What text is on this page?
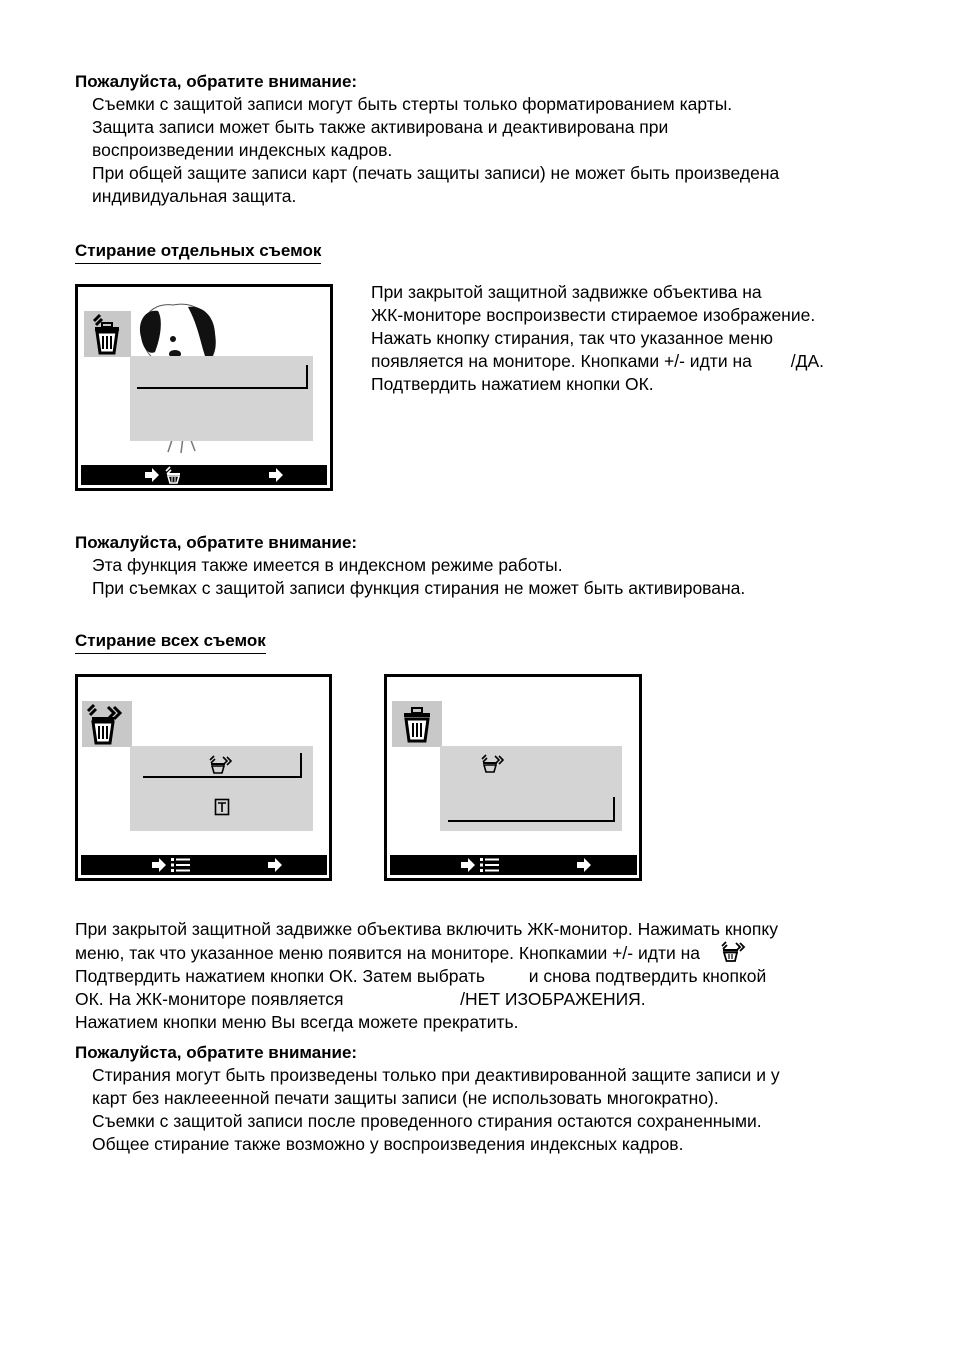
Пожалуйста, обратите внимание:
Съемки с защитой записи могут быть стерты только форматированием карты.
Защита записи может быть также активирована и деактивирована при
воспроизведении индексных кадров.
При общей защите записи карт (печать защиты записи) не может быть произведена
индивидуальная защита.
Стирание отдельных съемок
При закрытой защитной задвижке объектива на
ЖК-мониторе воспроизвести стираемое изображение.
Нажать кнопку стирания, так что указанное меню
появляется на мониторе. Кнопками +/- идти на        /ДА.
Подтвердить нажатием кнопки ОК.
Пожалуйста, обратите внимание:
Эта функция также имеется в индексном режиме работы.
При съемках с защитой записи функция стирания не может быть активирована.
Стирание всех съемок
При закрытой защитной задвижке объектива включить ЖК-монитор. Нажимать кнопку
меню, так что указанное меню появится на мониторе. Кнопкамии +/- идти на
Подтвердить нажатием кнопки ОК. Затем выбрать         и снова подтвердить кнопкой
ОК. На ЖК-мониторе появляется                        /НЕТ ИЗОБРАЖЕНИЯ.
Нажатием кнопки меню Вы всегда можете прекратить.
Пожалуйста, обратите внимание:
Стирания могут быть произведены только при деактивированной защите записи и у
карт без наклееенной печати защиты записи (не использовать многократно).
Съемки с защитой записи после проведенного стирания остаются сохраненными.
Общее стирание также возможно у воспроизведения индексных кадров.
